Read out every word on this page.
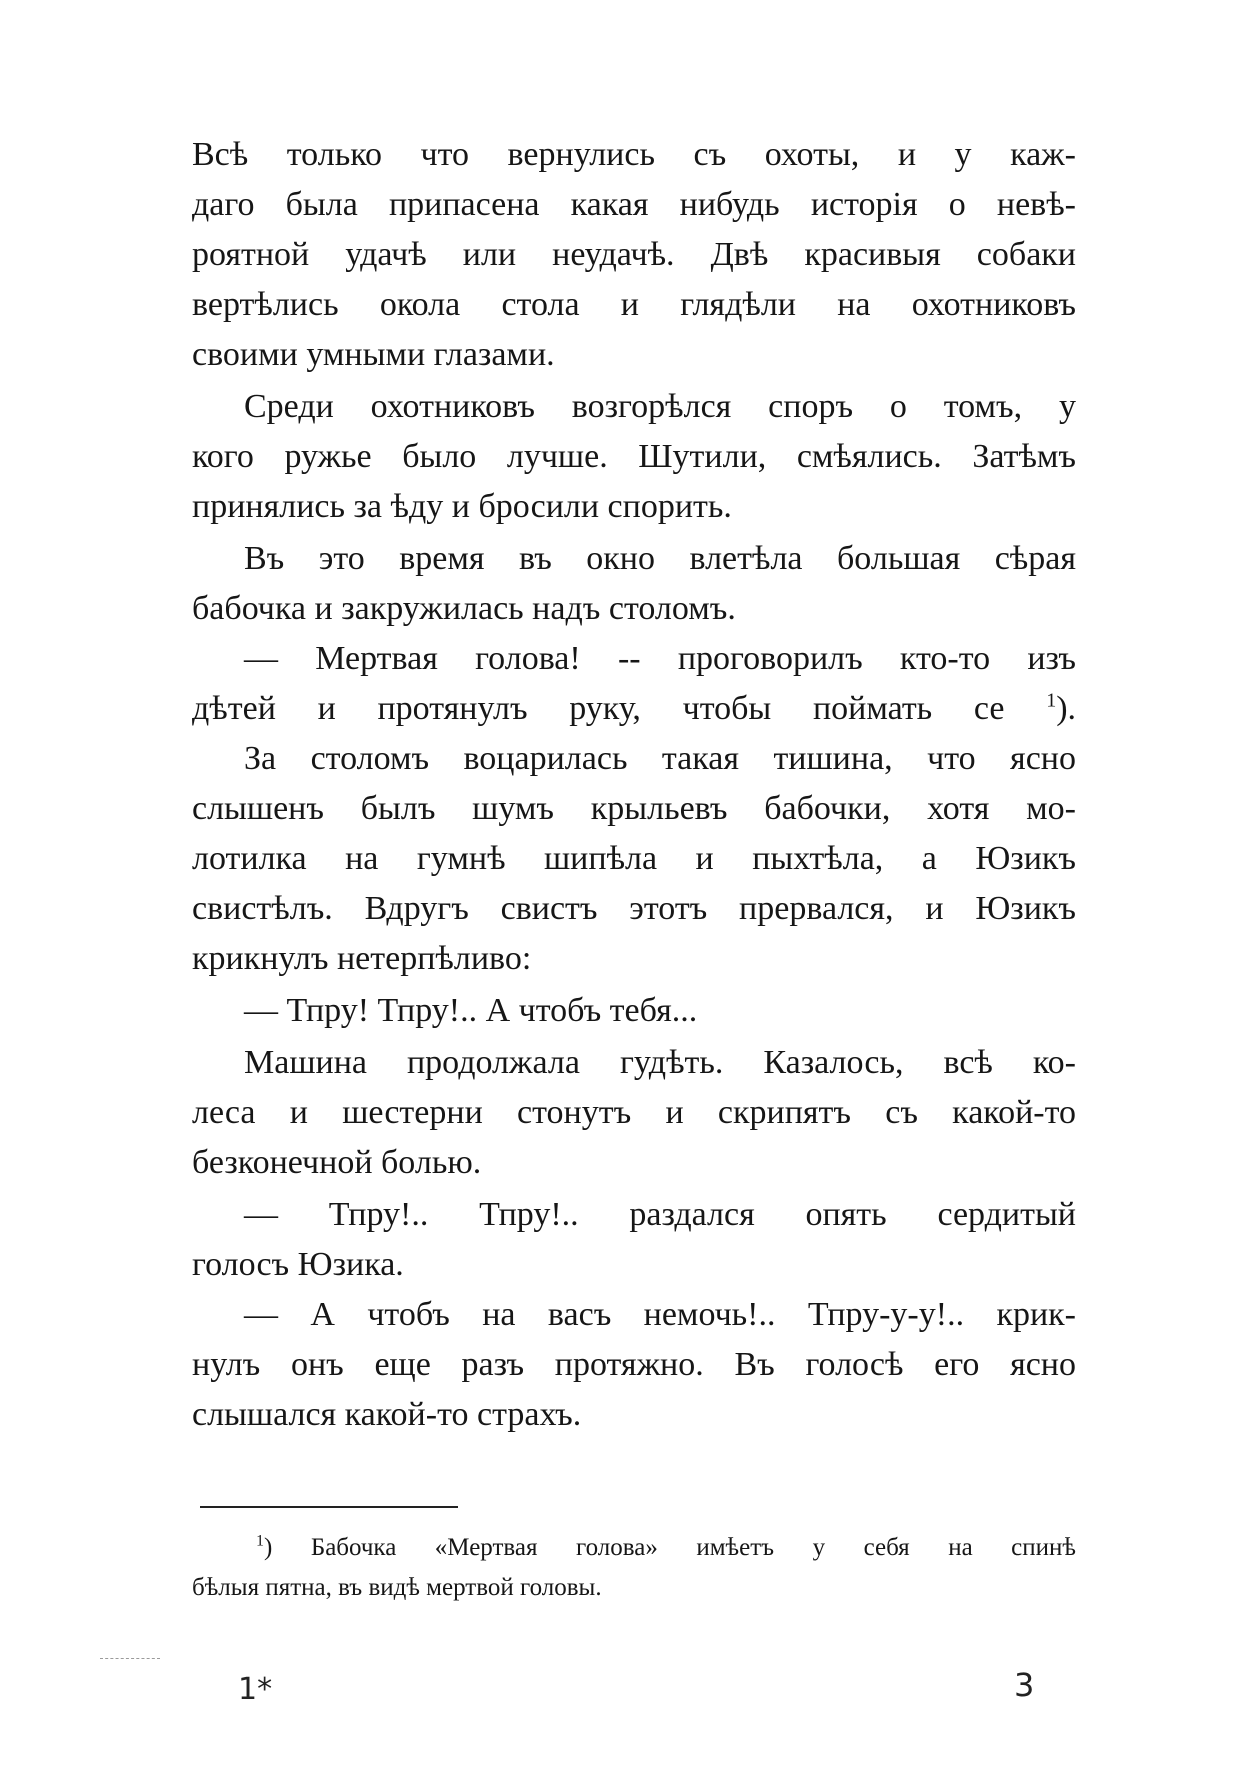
Всѣ только что вернулись съ охоты, и у каж-
даго была припасена какая нибудь исторія о невѣ-
роятной удачѣ или неудачѣ. Двѣ красивыя собаки
вертѣлись окола стола и глядѣли на охотниковъ
своими умными глазами.
Среди охотниковъ возгорѣлся споръ о томъ, у
кого ружье было лучше. Шутили, смѣялись. Затѣмъ
принялись за ѣду и бросили спорить.
Въ это время въ окно влетѣла большая сѣрая
бабочка и закружилась надъ столомъ.
— Мертвая голова! -- проговорилъ кто-то изъ
дѣтей и протянулъ руку, чтобы поймать се $^1$).
За столомъ воцарилась такая тишина, что ясно
слышенъ былъ шумъ крыльевъ бабочки, хотя мо-
лотилка на гумнѣ шипѣла и пыхтѣла, а Юзикъ
свистѣлъ. Вдругъ свистъ этотъ прервался, и Юзикъ
крикнулъ нетерпѣливо:
— Тпру! Тпру!.. А чтобъ тебя...
Машина продолжала гудѣть. Казалось, всѣ ко-
леса и шестерни стонутъ и скрипятъ съ какой-то
безконечной болью.
— Тпру!.. Тпру!.. раздался опять сердитый
голосъ Юзика.
— А чтобъ на васъ немочь!.. Тпру-у-у!.. крик-
нулъ онъ еще разъ протяжно. Въ голосѣ его ясно
слышался какой-то страхъ.
$^1$) Бабочка «Мертвая голова» имѣетъ у себя на спинѣ
бѣлыя пятна, въ видѣ мертвой головы.
1*	3
